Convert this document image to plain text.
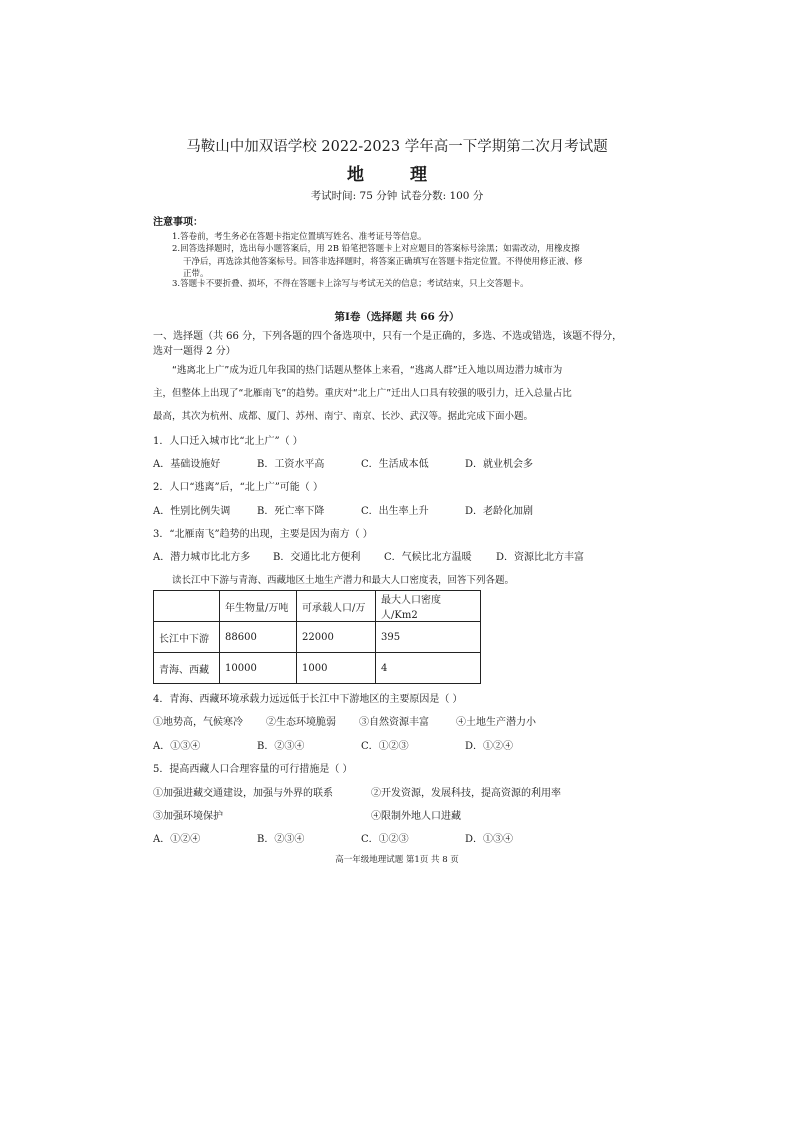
马鞍山中加双语学校 2022-2023 学年高一下学期第二次月考试题
地 理
考试时间: 75 分钟 试卷分数: 100 分
注意事项：
1.答卷前，考生务必在答题卡指定位置填写姓名、准考证号等信息。
2.回答选择题时，选出每小题答案后，用 2B 铅笔把答题卡上对应题目的答案标号涂黑；如需改动，用橡皮擦
干净后，再选涂其他答案标号。回答非选择题时，将答案正确填写在答题卡指定位置。不得使用修正液、修
正带。
3.答题卡不要折叠、损坏，不得在答题卡上涂写与考试无关的信息；考试结束，只上交答题卡。
第Ⅰ卷（选择题 共 66 分）
一、选择题（共 66 分，下列各题的四个备选项中，只有一个是正确的，多选、不选或错选，该题不得分，
选对一题得 2 分）
“逃离北上广”成为近几年我国的热门话题从整体上来看，“逃离人群”迁入地以周边潜力城市为
主，但整体上出现了“北雁南飞”的趋势。重庆对“北上广”迁出人口具有较强的吸引力，迁入总量占比
最高，其次为杭州、成都、厦门、苏州、南宁、南京、长沙、武汉等。据此完成下面小题。
1．人口迁入城市比“北上广”（ ）
A．基础设施好	B．工资水平高	C．生活成本低	D．就业机会多
2．人口“逃离”后，“北上广”可能（ ）
A．性别比例失调	B．死亡率下降	C．出生率上升	D．老龄化加剧
3．“北雁南飞”趋势的出现，主要是因为南方（ ）
A．潜力城市比北方多 B．交通比北方便利 C．气候比北方温暖 D．资源比北方丰富
读长江中下游与青海、西藏地区土地生产潜力和最大人口密度表，回答下列各题。
	年生物量/万吨	可承载人口/万	最大人口密度人/Km2
长江中下游	88600	22000	395
青海、西藏	10000	1000	4
4．青海、西藏环境承载力远远低于长江中下游地区的主要原因是（ ）
①地势高，气候寒冷 ②生态环境脆弱 ③自然资源丰富	④土地生产潜力小
A．①③④	B．②③④	C．①②③	D．①②④
5．提高西藏人口合理容量的可行措施是（ ）
①加强进藏交通建设，加强与外界的联系	②开发资源，发展科技，提高资源的利用率
③加强环境保护	④限制外地人口进藏
A．①②④	B．②③④	C．①②③	D．①③④
高一年级地理试题 第1页 共 8 页
